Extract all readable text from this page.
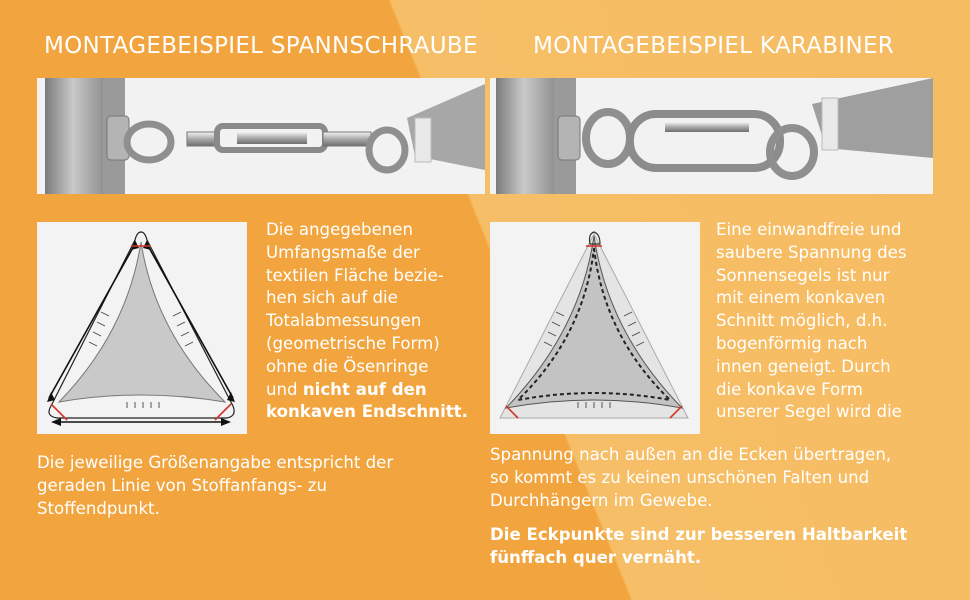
MONTAGEBEISPIEL SPANNSCHRAUBE MONTAGEBEISPIEL KARABINER
Die angegebenen
Umfangsmaße der
textilen Fläche bezie-
hen sich auf die
Totalabmessungen
(geometrische Form)
ohne die Ösenringe
und nicht auf den
konkaven Endschnitt.
Die jeweilige Größenangabe entspricht der
geraden Linie von Stoffanfangs- zu
Stoffendpunkt.
Eine einwandfreie und
saubere Spannung des
Sonnensegels ist nur
mit einem konkaven
Schnitt möglich, d.h.
bogenförmig nach
innen geneigt. Durch
die konkave Form
unserer Segel wird die
Spannung nach außen an die Ecken übertragen,
so kommt es zu keinen unschönen Falten und
Durchhängern im Gewebe.
Die Eckpunkte sind zur besseren Haltbarkeit
fünffach quer vernäht.
